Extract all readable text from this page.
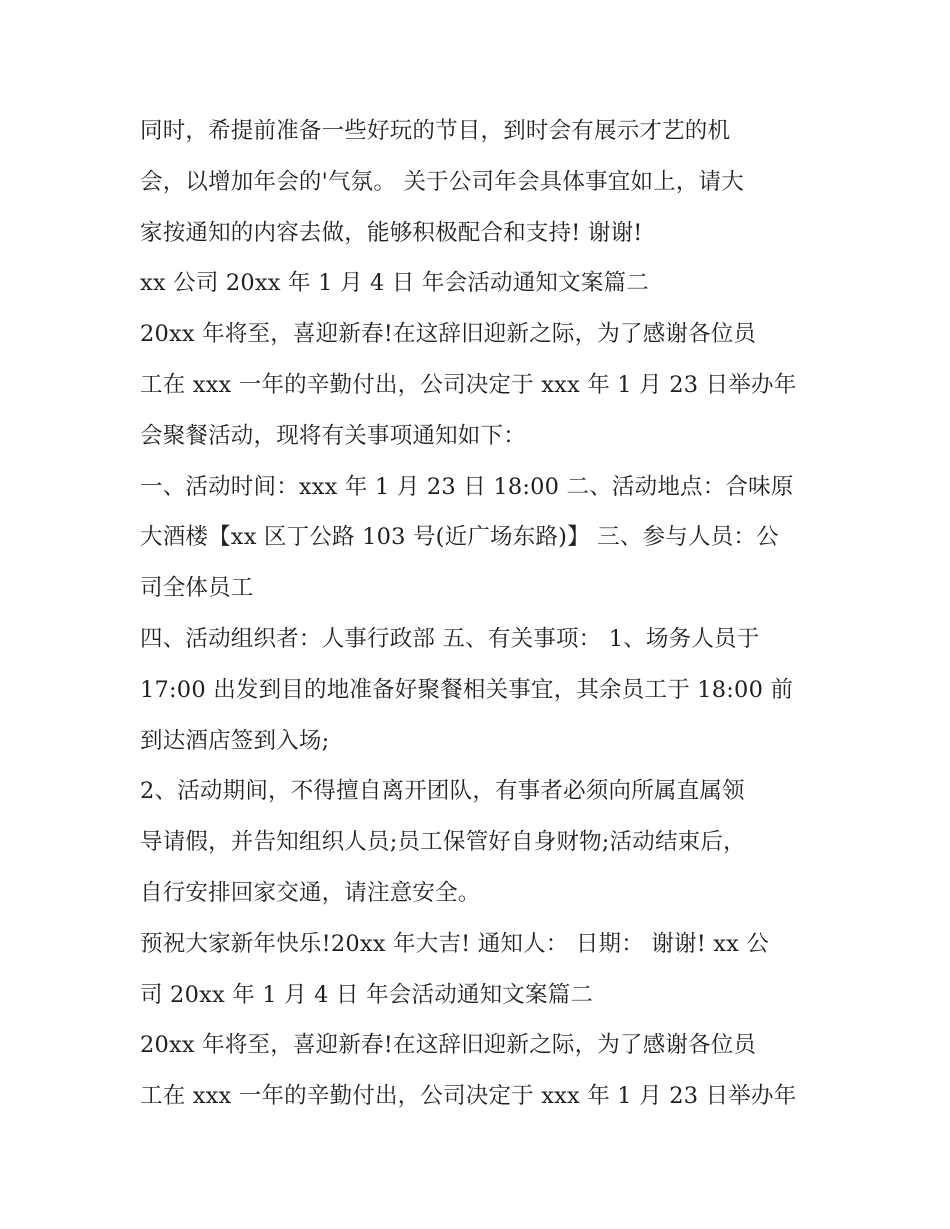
同时，希提前准备一些好玩的节目，到时会有展示才艺的机
会，以增加年会的'气氛。 关于公司年会具体事宜如上，请大
家按通知的内容去做，能够积极配合和支持! 谢谢!
xx 公司 20xx 年 1 月 4 日 年会活动通知文案篇二
20xx 年将至，喜迎新春!在这辞旧迎新之际，为了感谢各位员
工在 xxx 一年的辛勤付出，公司决定于 xxx 年 1 月 23 日举办年
会聚餐活动，现将有关事项通知如下：
一、活动时间：xxx 年 1 月 23 日 18:00 二、活动地点：合味原
大酒楼【xx 区丁公路 103 号(近广场东路)】 三、参与人员：公
司全体员工
四、活动组织者：人事行政部 五、有关事项： 1、场务人员于
17:00 出发到目的地准备好聚餐相关事宜，其余员工于 18:00 前
到达酒店签到入场;
2、活动期间，不得擅自离开团队，有事者必须向所属直属领
导请假，并告知组织人员;员工保管好自身财物;活动结束后，
自行安排回家交通，请注意安全。
预祝大家新年快乐!20xx 年大吉! 通知人： 日期： 谢谢! xx 公
司 20xx 年 1 月 4 日 年会活动通知文案篇二
20xx 年将至，喜迎新春!在这辞旧迎新之际，为了感谢各位员
工在 xxx 一年的辛勤付出，公司决定于 xxx 年 1 月 23 日举办年
